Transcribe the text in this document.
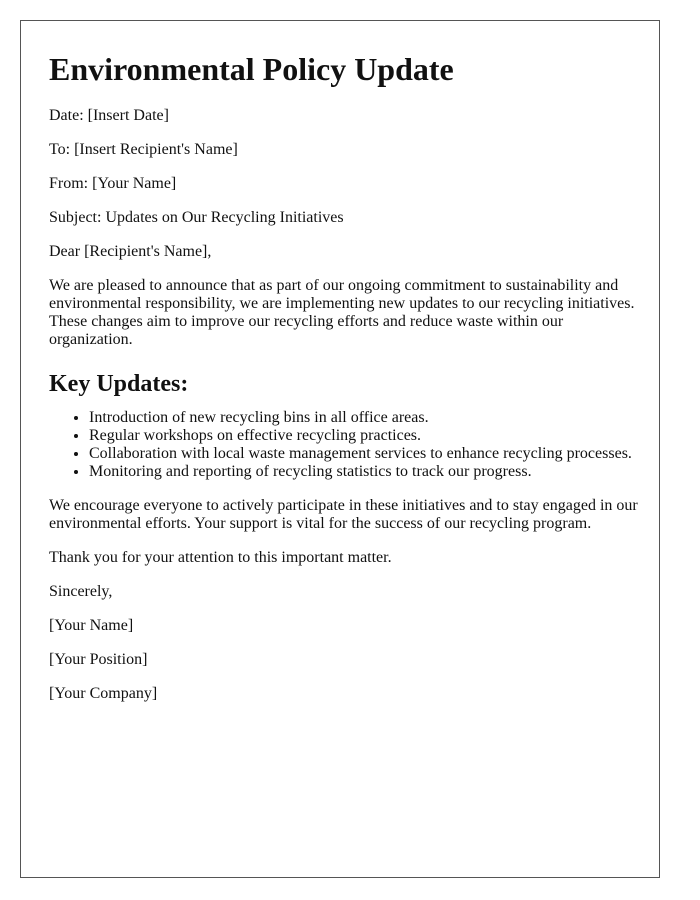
Environmental Policy Update

Date: [Insert Date]

To: [Insert Recipient's Name]

From: [Your Name]

Subject: Updates on Our Recycling Initiatives

Dear [Recipient's Name],

We are pleased to announce that as part of our ongoing commitment to sustainability and environmental responsibility, we are implementing new updates to our recycling initiatives. These changes aim to improve our recycling efforts and reduce waste within our organization.

Key Updates:
• Introduction of new recycling bins in all office areas.
• Regular workshops on effective recycling practices.
• Collaboration with local waste management services to enhance recycling processes.
• Monitoring and reporting of recycling statistics to track our progress.

We encourage everyone to actively participate in these initiatives and to stay engaged in our environmental efforts. Your support is vital for the success of our recycling program.

Thank you for your attention to this important matter.

Sincerely,

[Your Name]

[Your Position]

[Your Company]
